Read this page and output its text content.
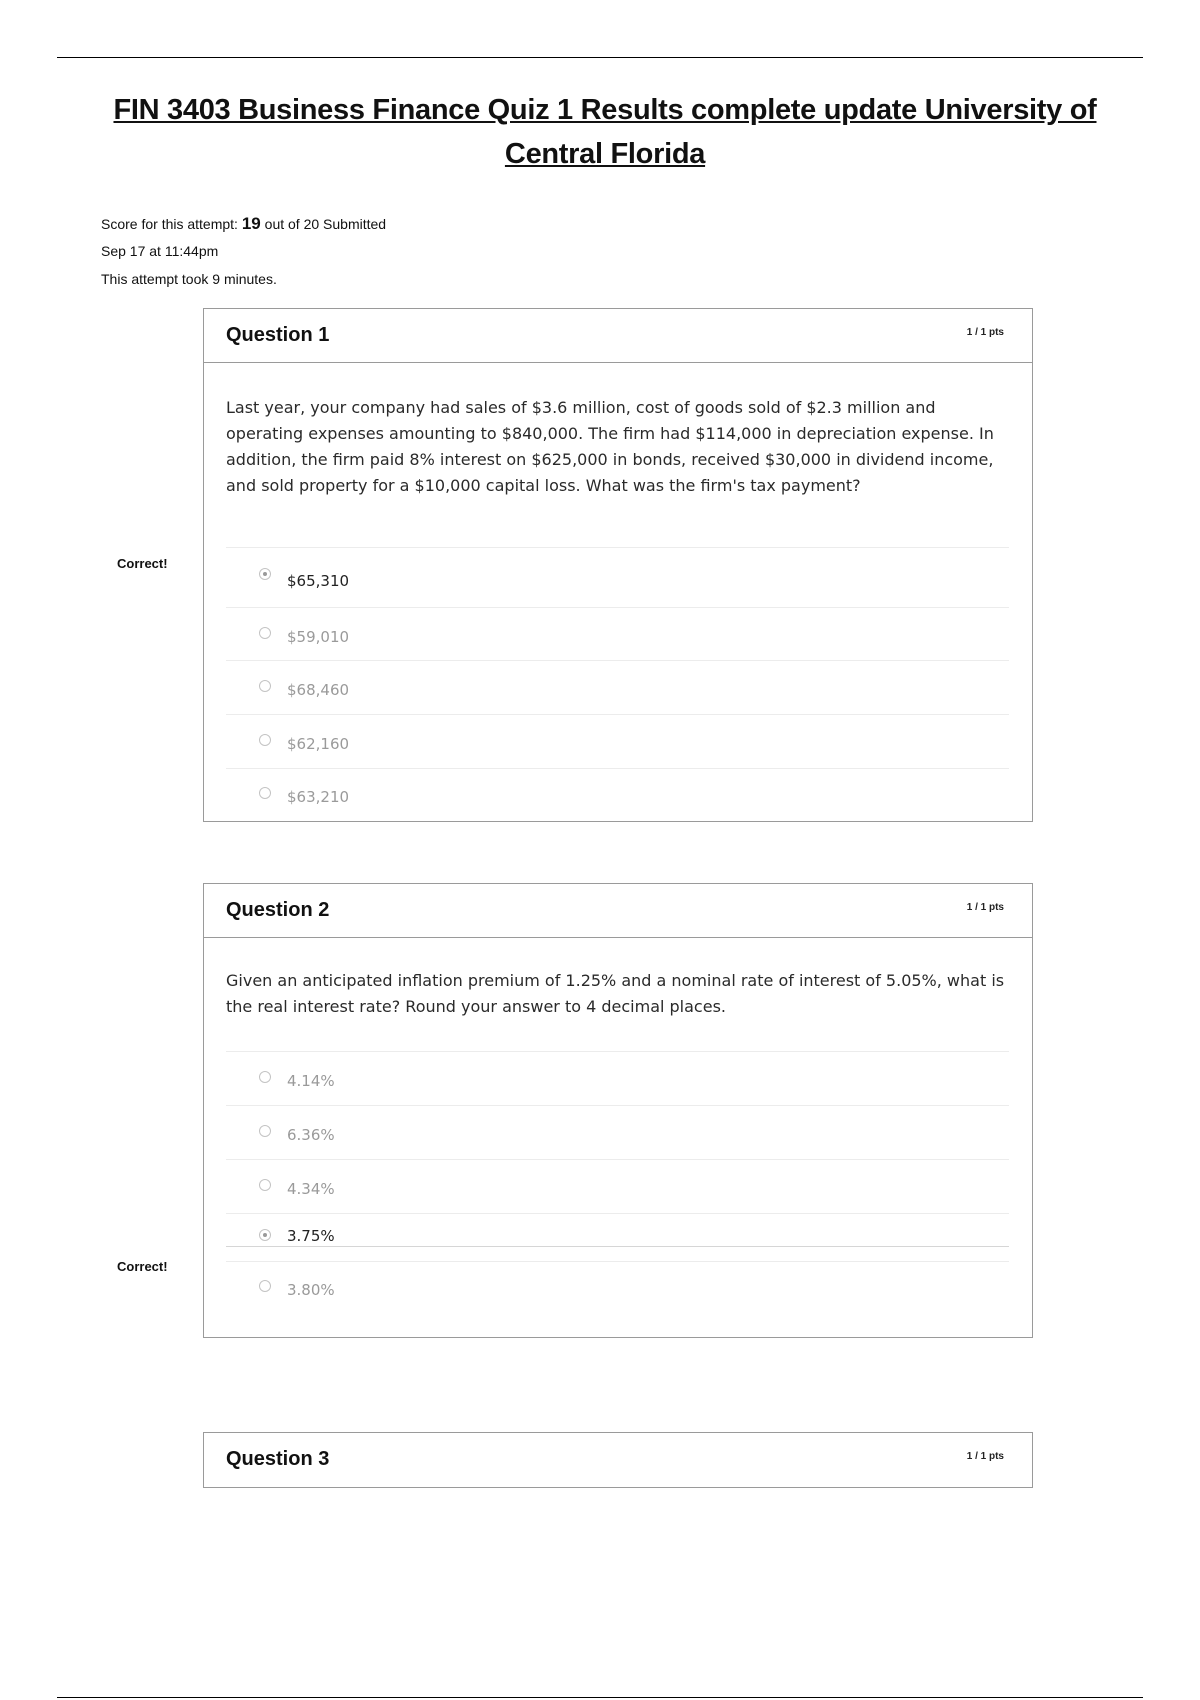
FIN 3403 Business Finance Quiz 1 Results complete update University of Central Florida
Score for this attempt: 19 out of 20 Submitted
Sep 17 at 11:44pm
This attempt took 9 minutes.
Correct!
Question 1	1 / 1 pts
Last year, your company had sales of $3.6 million, cost of goods sold of $2.3 million and operating expenses amounting to $840,000. The firm had $114,000 in depreciation expense. In addition, the firm paid 8% interest on $625,000 in bonds, received $30,000 in dividend income, and sold property for a $10,000 capital loss. What was the firm's tax payment?
$65,310
$59,010
$68,460
$62,160
$63,210
Correct!
Question 2	1 / 1 pts
Given an anticipated inflation premium of 1.25% and a nominal rate of interest of 5.05%, what is the real interest rate? Round your answer to 4 decimal places.
4.14%
6.36%
4.34%
3.75%
3.80%
Question 3	1 / 1 pts
